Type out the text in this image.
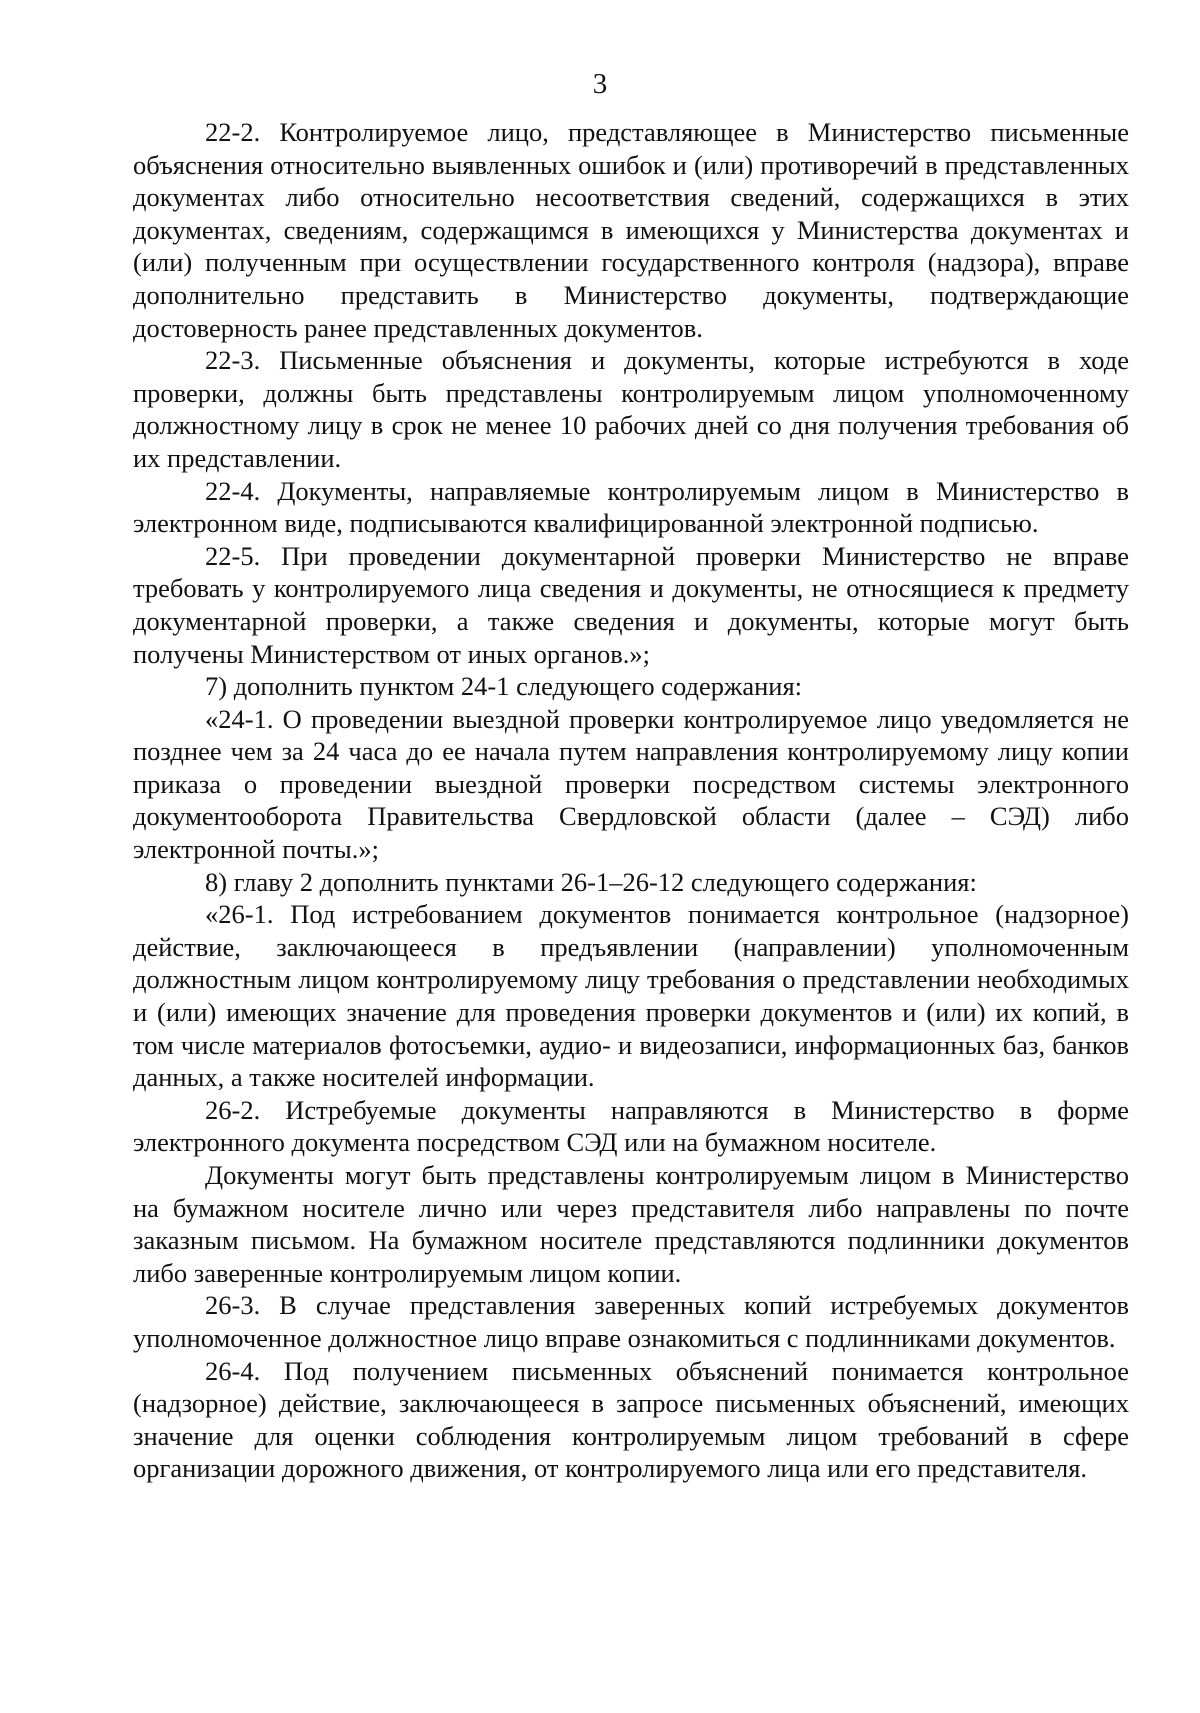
3

22-2. Контролируемое лицо, представляющее в Министерство письменные объяснения относительно выявленных ошибок и (или) противоречий в представленных документах либо относительно несоответствия сведений, содержащихся в этих документах, сведениям, содержащимся в имеющихся у Министерства документах и (или) полученным при осуществлении государственного контроля (надзора), вправе дополнительно представить в Министерство документы, подтверждающие достоверность ранее представленных документов.

22-3. Письменные объяснения и документы, которые истребуются в ходе проверки, должны быть представлены контролируемым лицом уполномоченному должностному лицу в срок не менее 10 рабочих дней со дня получения требования об их представлении.

22-4. Документы, направляемые контролируемым лицом в Министерство в электронном виде, подписываются квалифицированной электронной подписью.

22-5. При проведении документарной проверки Министерство не вправе требовать у контролируемого лица сведения и документы, не относящиеся к предмету документарной проверки, а также сведения и документы, которые могут быть получены Министерством от иных органов.»;

7) дополнить пунктом 24-1 следующего содержания:

«24-1. О проведении выездной проверки контролируемое лицо уведомляется не позднее чем за 24 часа до ее начала путем направления контролируемому лицу копии приказа о проведении выездной проверки посредством системы электронного документооборота Правительства Свердловской области (далее – СЭД) либо электронной почты.»;

8) главу 2 дополнить пунктами 26-1–26-12 следующего содержания:

«26-1. Под истребованием документов понимается контрольное (надзорное) действие, заключающееся в предъявлении (направлении) уполномоченным должностным лицом контролируемому лицу требования о представлении необходимых и (или) имеющих значение для проведения проверки документов и (или) их копий, в том числе материалов фотосъемки, аудио- и видеозаписи, информационных баз, банков данных, а также носителей информации.

26-2. Истребуемые документы направляются в Министерство в форме электронного документа посредством СЭД или на бумажном носителе.

Документы могут быть представлены контролируемым лицом в Министерство на бумажном носителе лично или через представителя либо направлены по почте заказным письмом. На бумажном носителе представляются подлинники документов либо заверенные контролируемым лицом копии.

26-3. В случае представления заверенных копий истребуемых документов уполномоченное должностное лицо вправе ознакомиться с подлинниками документов.

26-4. Под получением письменных объяснений понимается контрольное (надзорное) действие, заключающееся в запросе письменных объяснений, имеющих значение для оценки соблюдения контролируемым лицом требований в сфере организации дорожного движения, от контролируемого лица или его представителя.
